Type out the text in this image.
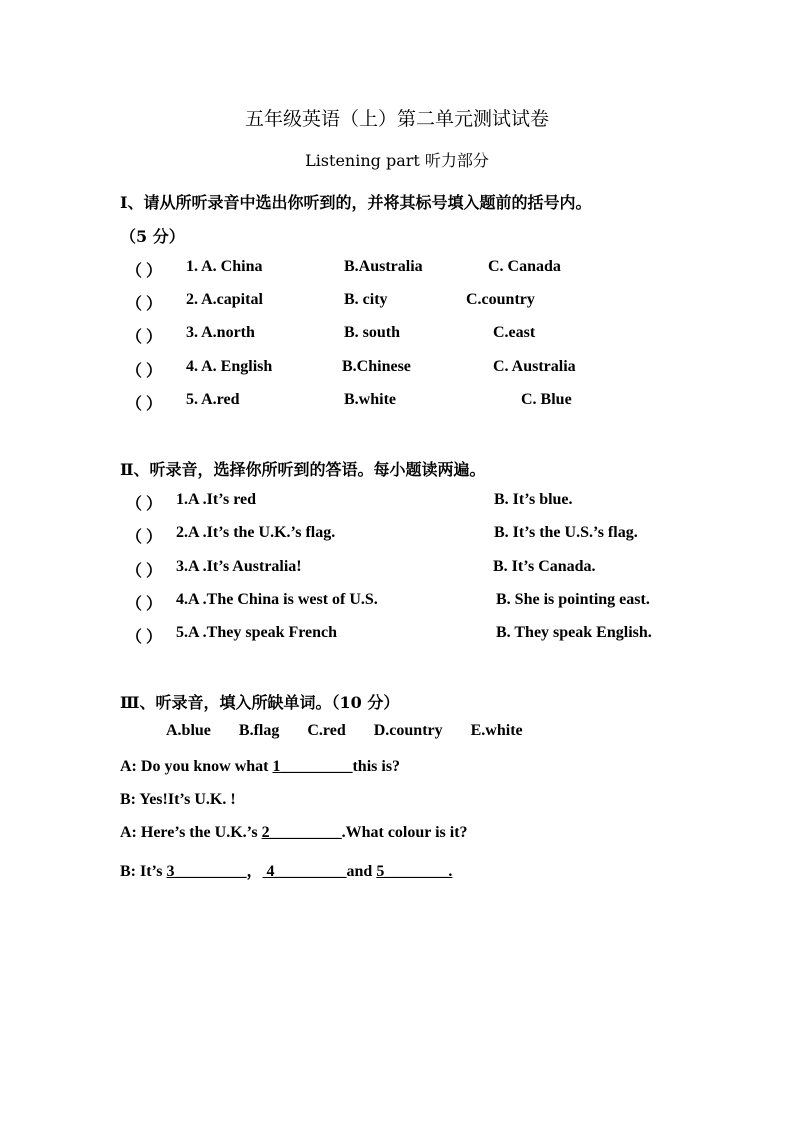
五年级英语（上）第二单元测试试卷
Listening part 听力部分
Ⅰ、请从所听录音中选出你听到的，并将其标号填入题前的括号内。
（5 分）
（ ） 1. A. China	B.Australia	C. Canada
（ ） 2. A.capital	B. city	C.country
（ ） 3. A.north	B. south	C.east
（ ） 4. A. English	B.Chinese	C. Australia
（ ） 5. A.red	B.white	C. Blue
Ⅱ、听录音，选择你所听到的答语。每小题读两遍。
（ ） 1.A .It’s red	B. It’s blue.
（ ） 2.A .It’s the U.K.’s flag.	B. It’s the U.S.’s flag.
（ ） 3.A .It’s Australia!	B. It’s Canada.
（ ） 4.A .The China is west of U.S.	B. She is pointing east.
（ ） 5.A .They speak French	B. They speak English.
Ⅲ、听录音，填入所缺单词。（10 分）
A.blue B.flag C.red D.country E.white
A: Do you know what 1_________this is?
B: Yes!It’s U.K. !
A: Here’s the U.K.’s 2_________.What colour is it?
B: It’s 3_________， 4_________and 5________.
